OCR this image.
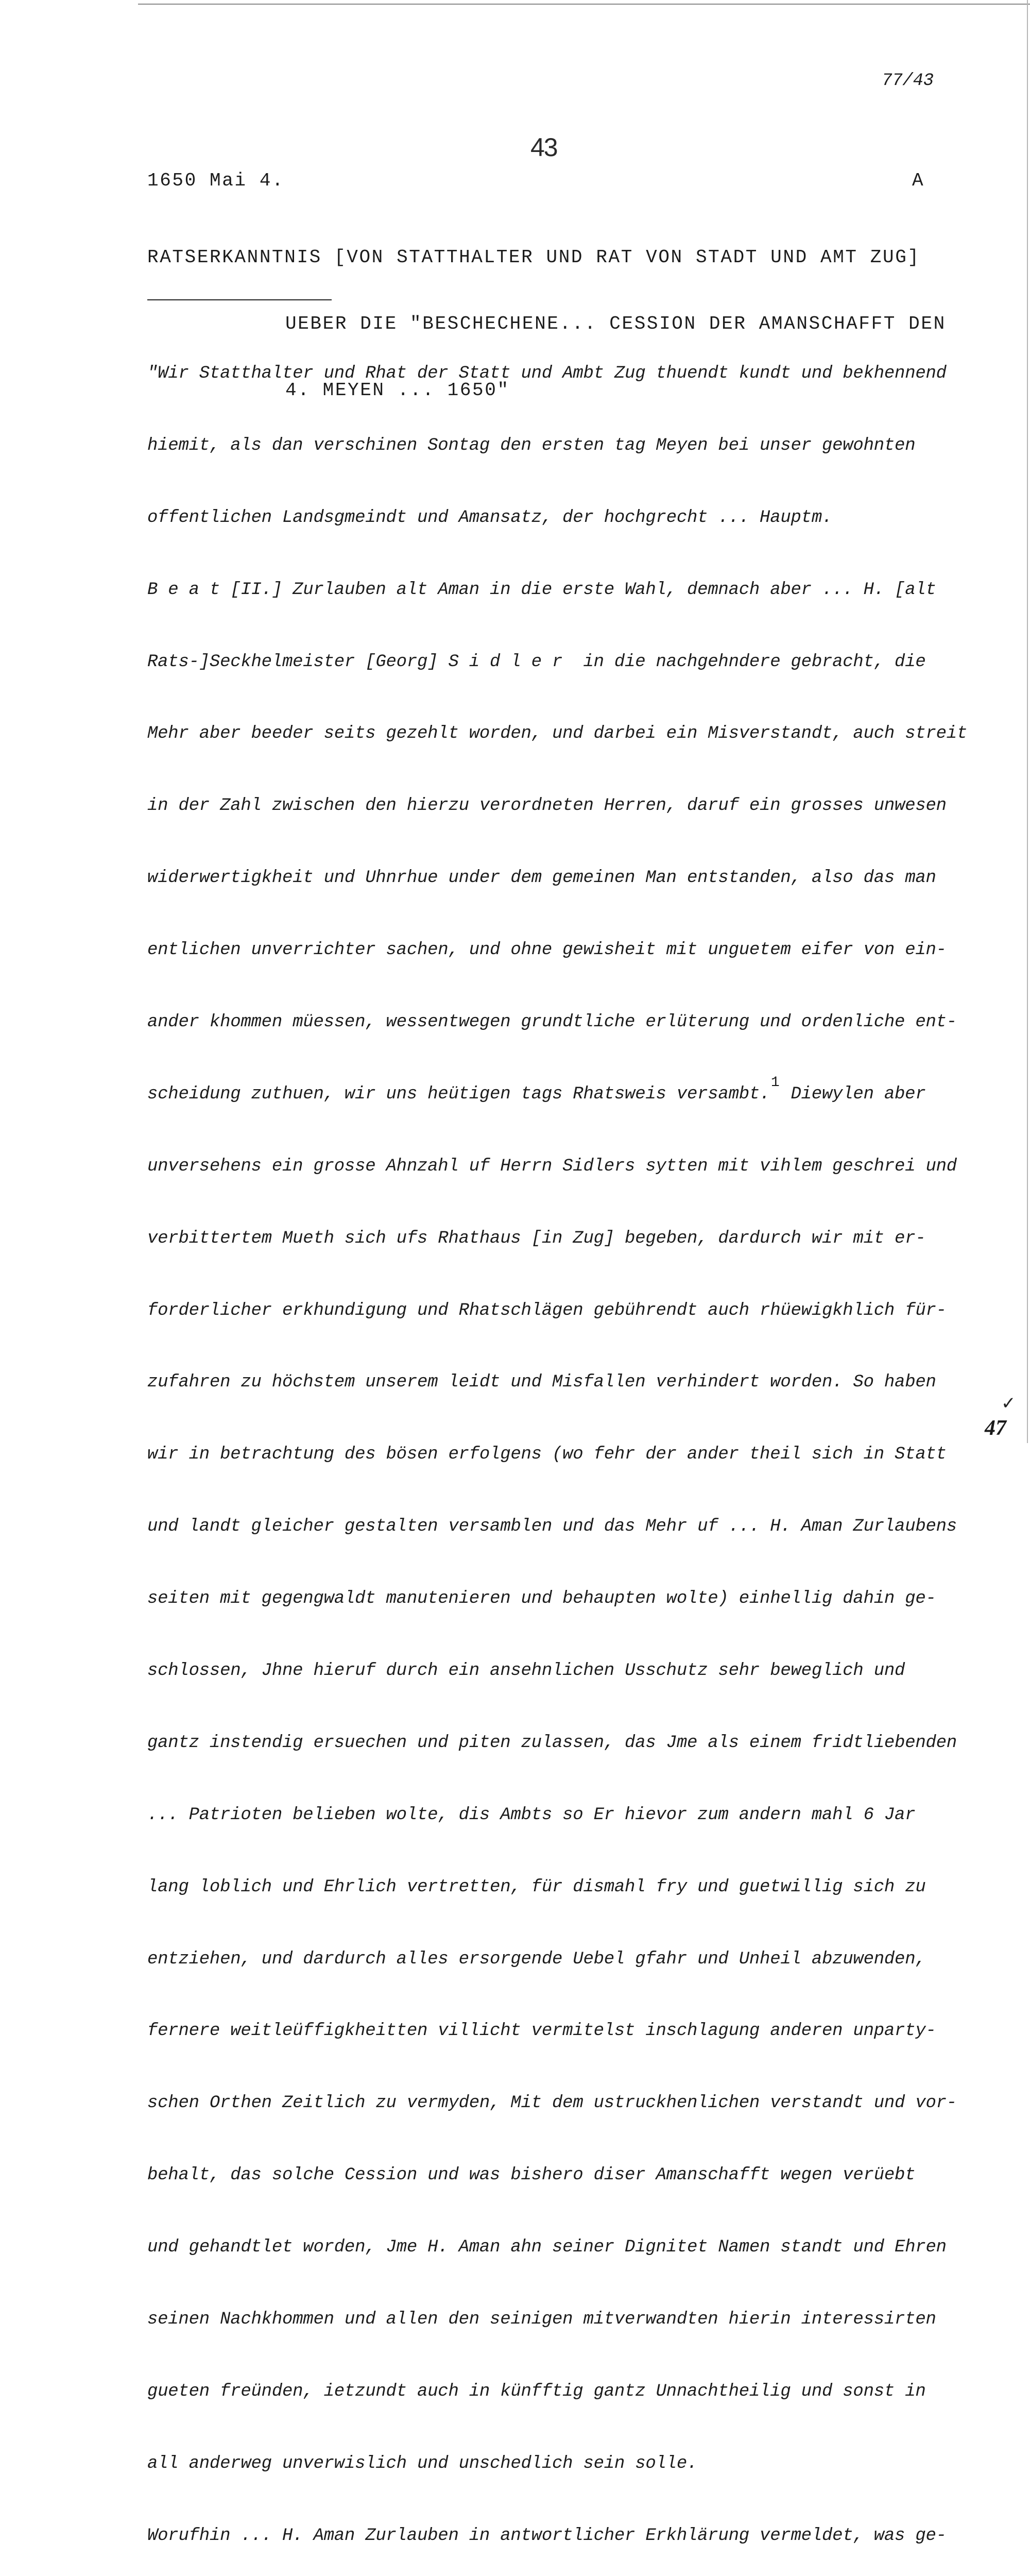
77/43
43
1650 Mai 4.	A

RATSERKANNTNIS [VON STATTHALTER UND RAT VON STADT UND AMT ZUG]

UEBER DIE "BESCHECHENE... CESSION DER AMANSCHAFFT DEN

4. MEYEN ... 1650"

"Wir Statthalter und Rhat der Statt und Ambt Zug thuendt kundt und bekhennend

hiemit, als dan verschinen Sontag den ersten tag Meyen bei unser gewohnten

offentlichen Landsgmeindt und Amansatz, der hochgrecht ... Hauptm.

B e a t [II.] Zurlauben alt Aman in die erste Wahl, demnach aber ... H. [alt

Rats-]Seckhelmeister [Georg] S i d l e r  in die nachgehndere gebracht, die

Mehr aber beeder seits gezehlt worden, und darbei ein Misverstandt, auch streit

in der Zahl zwischen den hierzu verordneten Herren, daruf ein grosses unwesen

widerwertigkheit und Uhnrhue under dem gemeinen Man entstanden, also das man

entlichen unverrichter sachen, und ohne gewisheit mit unguetem eifer von ein-

ander khommen müessen, wessentwegen grundtliche erlüterung und ordenliche ent-

scheidung zuthuen, wir uns heütigen tags Rhatsweis versambt.1 Diewylen aber

unversehens ein grosse Ahnzahl uf Herrn Sidlers sytten mit vihlem geschrei und

verbittertem Mueth sich ufs Rhathaus [in Zug] begeben, dardurch wir mit er-

forderlicher erkhundigung und Rhatschlägen gebührendt auch rhüewigkhlich für-

zufahren zu höchstem unserem leidt und Misfallen verhindert worden. So haben

wir in betrachtung des bösen erfolgens (wo fehr der ander theil sich in Statt

und landt gleicher gestalten versamblen und das Mehr uf ... H. Aman Zurlaubens

seiten mit gegengwaldt manutenieren und behaupten wolte) einhellig dahin ge-

schlossen, Jhne hieruf durch ein ansehnlichen Usschutz sehr beweglich und

gantz instendig ersuechen und piten zulassen, das Jme als einem fridtliebenden

... Patrioten belieben wolte, dis Ambts so Er hievor zum andern mahl 6 Jar

lang loblich und Ehrlich vertretten, für dismahl fry und guetwillig sich zu

entziehen, und dardurch alles ersorgende Uebel gfahr und Unheil abzuwenden,

fernere weitleüffigkheitten villicht vermitelst inschlagung anderen unparty-

schen Orthen Zeitlich zu vermyden, Mit dem ustruckhenlichen verstandt und vor-

behalt, das solche Cession und was bishero diser Amanschafft wegen verüebt

und gehandtlet worden, Jme H. Aman ahn seiner Dignitet Namen standt und Ehren

seinen Nachkhommen und allen den seinigen mitverwandten hierin interessirten

gueten freünden, ietzundt auch in künfftig gantz Unnachtheilig und sonst in

all anderweg unverwislich und unschedlich sein solle.

Worufhin ... H. Aman Zurlauben in antwortlicher Erkhlärung vermeldet, was ge-

✓
47
